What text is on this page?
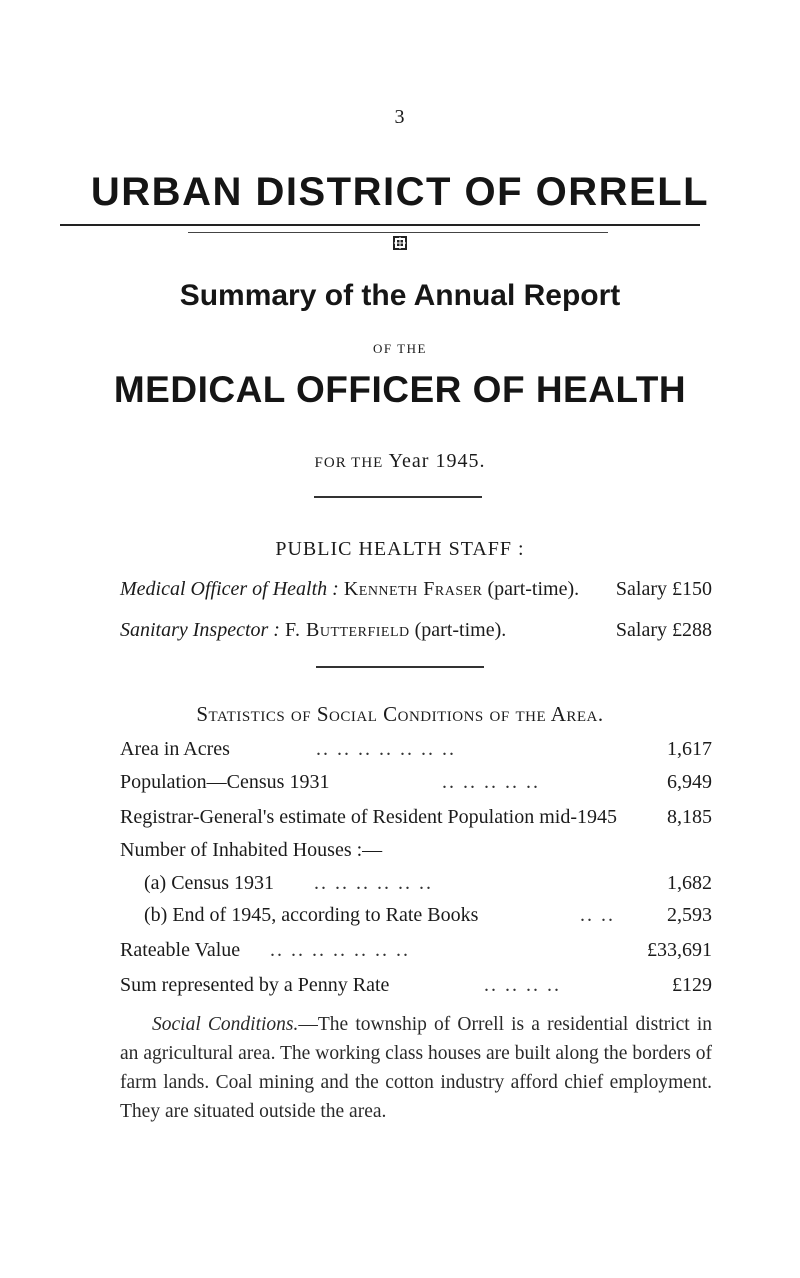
3
URBAN DISTRICT OF ORRELL
Summary of the Annual Report
OF THE
MEDICAL OFFICER OF HEALTH
FOR THE Year 1945.
PUBLIC HEALTH STAFF :
Medical Officer of Health : Kenneth Fraser (part-time). Salary £150
Sanitary Inspector : F. Butterfield (part-time).	Salary £288
Statistics of Social Conditions of the Area.
Area in Acres	.. .. .. .. .. .. ..	1,617
Population—Census 1931	.. .. .. .. ..	6,949
Registrar-General's estimate of Resident Population mid-1945	8,185
Number of Inhabited Houses :—
(a) Census 1931 .. .. .. .. .. ..	1,682
(b) End of 1945, according to Rate Books	.. ..	2,593
Rateable Value .. .. .. .. .. .. ..	£33,691
Sum represented by a Penny Rate	.. .. .. ..	£129
Social Conditions.—The township of Orrell is a residential district in an agricultural area. The working class houses are built along the borders of farm lands. Coal mining and the cotton industry afford chief employment. They are situated outside the area.
